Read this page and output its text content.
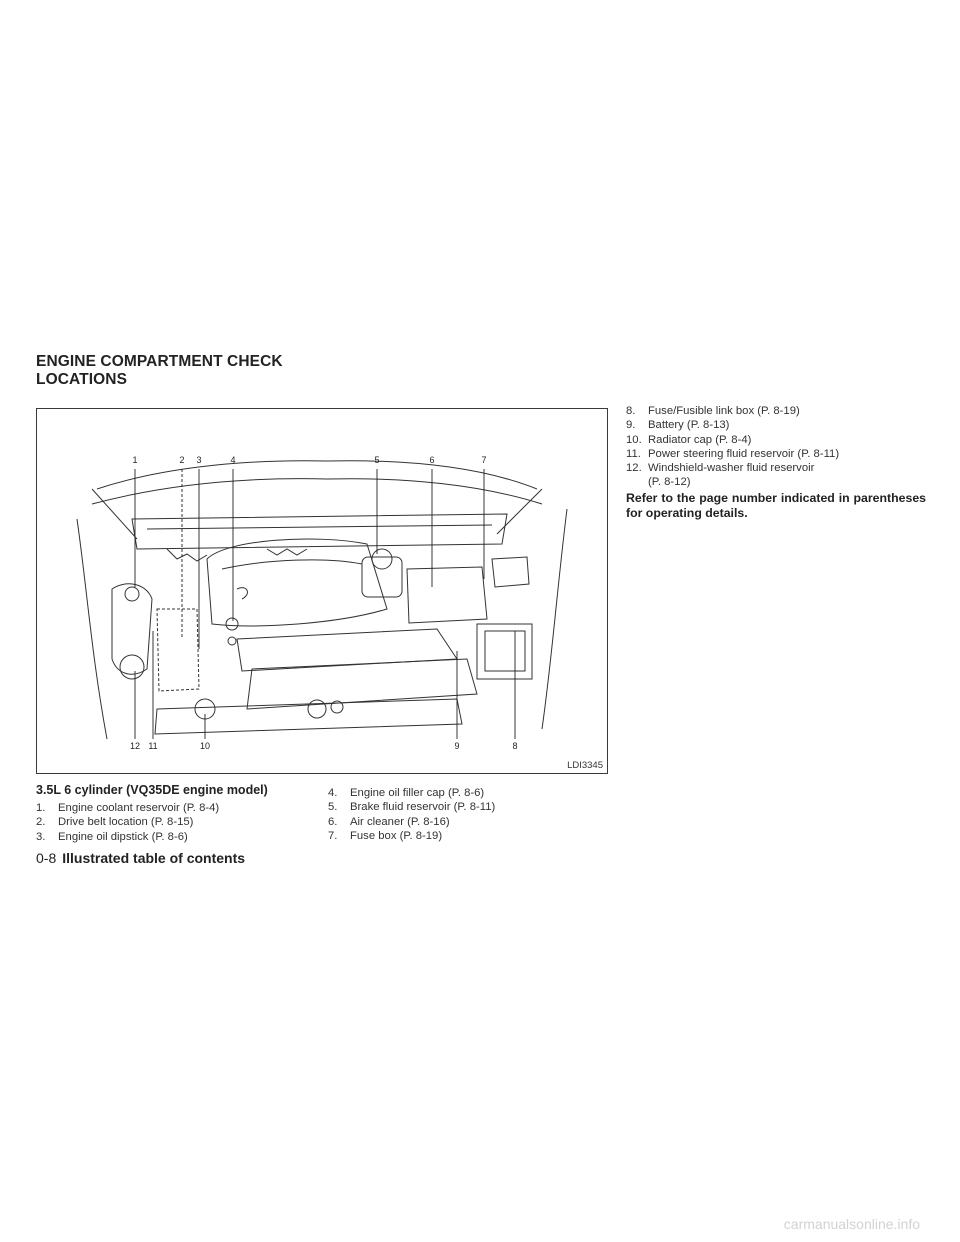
ENGINE COMPARTMENT CHECK
LOCATIONS
1	2	3	4	5	6	7
12 11	10	9	8
LDI3345
3.5L 6 cylinder (VQ35DE engine model)
1.	Engine coolant reservoir (P. 8-4)
2.	Drive belt location (P. 8-15)
3.	Engine oil dipstick (P. 8-6)
4.	Engine oil filler cap (P. 8-6)
5.	Brake fluid reservoir (P. 8-11)
6.	Air cleaner (P. 8-16)
7.	Fuse box (P. 8-19)
8.	Fuse/Fusible link box (P. 8-19)
9.	Battery (P. 8-13)
10. Radiator cap (P. 8-4)
11. Power steering fluid reservoir (P. 8-11)
12. Windshield-washer fluid reservoir
(P. 8-12)
Refer to the page number indicated in parentheses for operating details.
0-8 Illustrated table of contents
carmanualsonline.info
